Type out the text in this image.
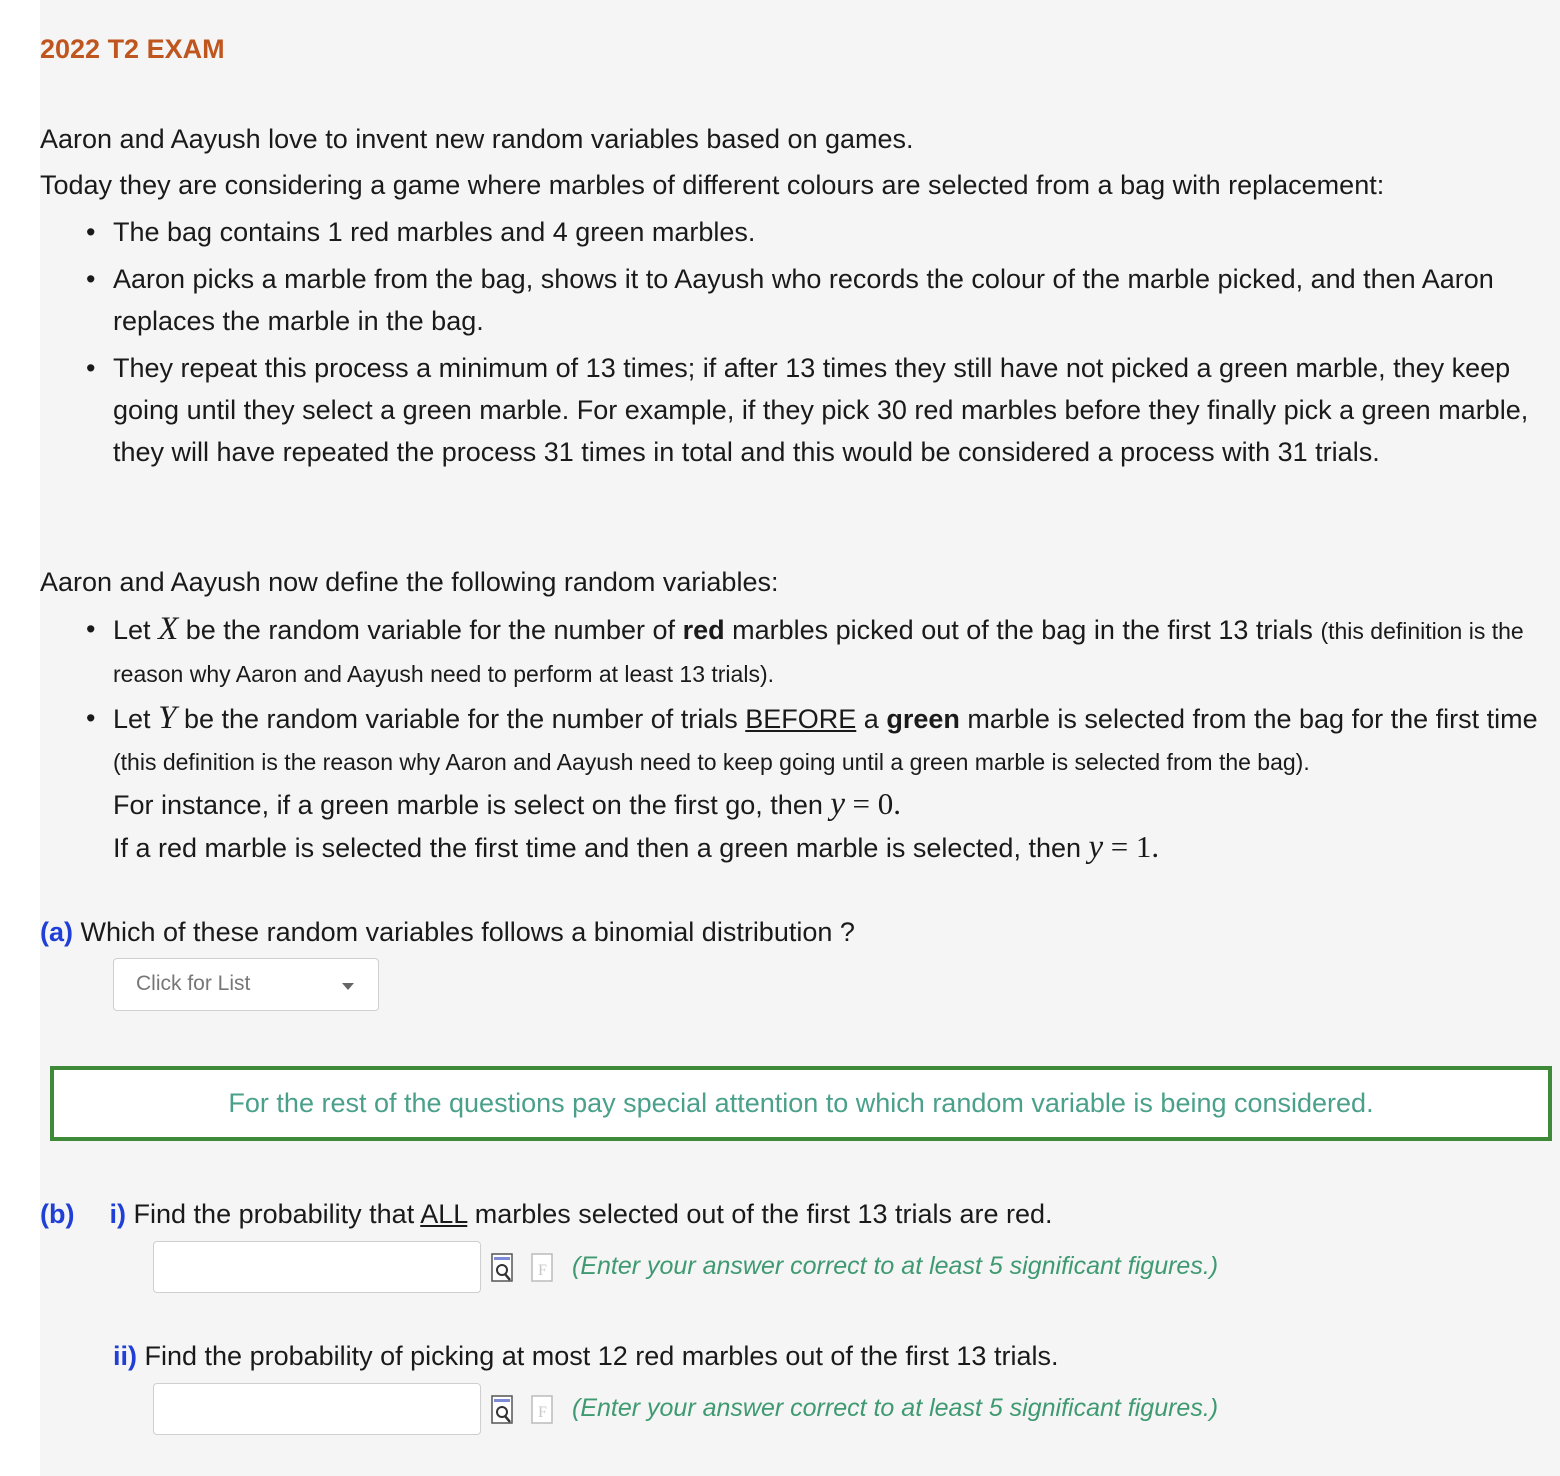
2022 T2 EXAM
Aaron and Aayush love to invent new random variables based on games.
Today they are considering a game where marbles of different colours are selected from a bag with replacement:
• The bag contains 1 red marbles and 4 green marbles.
• Aaron picks a marble from the bag, shows it to Aayush who records the colour of the marble picked, and then Aaron replaces the marble in the bag.
• They repeat this process a minimum of 13 times; if after 13 times they still have not picked a green marble, they keep going until they select a green marble. For example, if they pick 30 red marbles before they finally pick a green marble, they will have repeated the process 31 times in total and this would be considered a process with 31 trials.
Aaron and Aayush now define the following random variables:
• Let X be the random variable for the number of red marbles picked out of the bag in the first 13 trials (this definition is the reason why Aaron and Aayush need to perform at least 13 trials).
• Let Y be the random variable for the number of trials BEFORE a green marble is selected from the bag for the first time (this definition is the reason why Aaron and Aayush need to keep going until a green marble is selected from the bag).
For instance, if a green marble is select on the first go, then y = 0.
If a red marble is selected the first time and then a green marble is selected, then y = 1.
(a) Which of these random variables follows a binomial distribution ?
Click for List
For the rest of the questions pay special attention to which random variable is being considered.
(b) i) Find the probability that ALL marbles selected out of the first 13 trials are red.
F (Enter your answer correct to at least 5 significant figures.)
ii) Find the probability of picking at most 12 red marbles out of the first 13 trials.
F (Enter your answer correct to at least 5 significant figures.)
